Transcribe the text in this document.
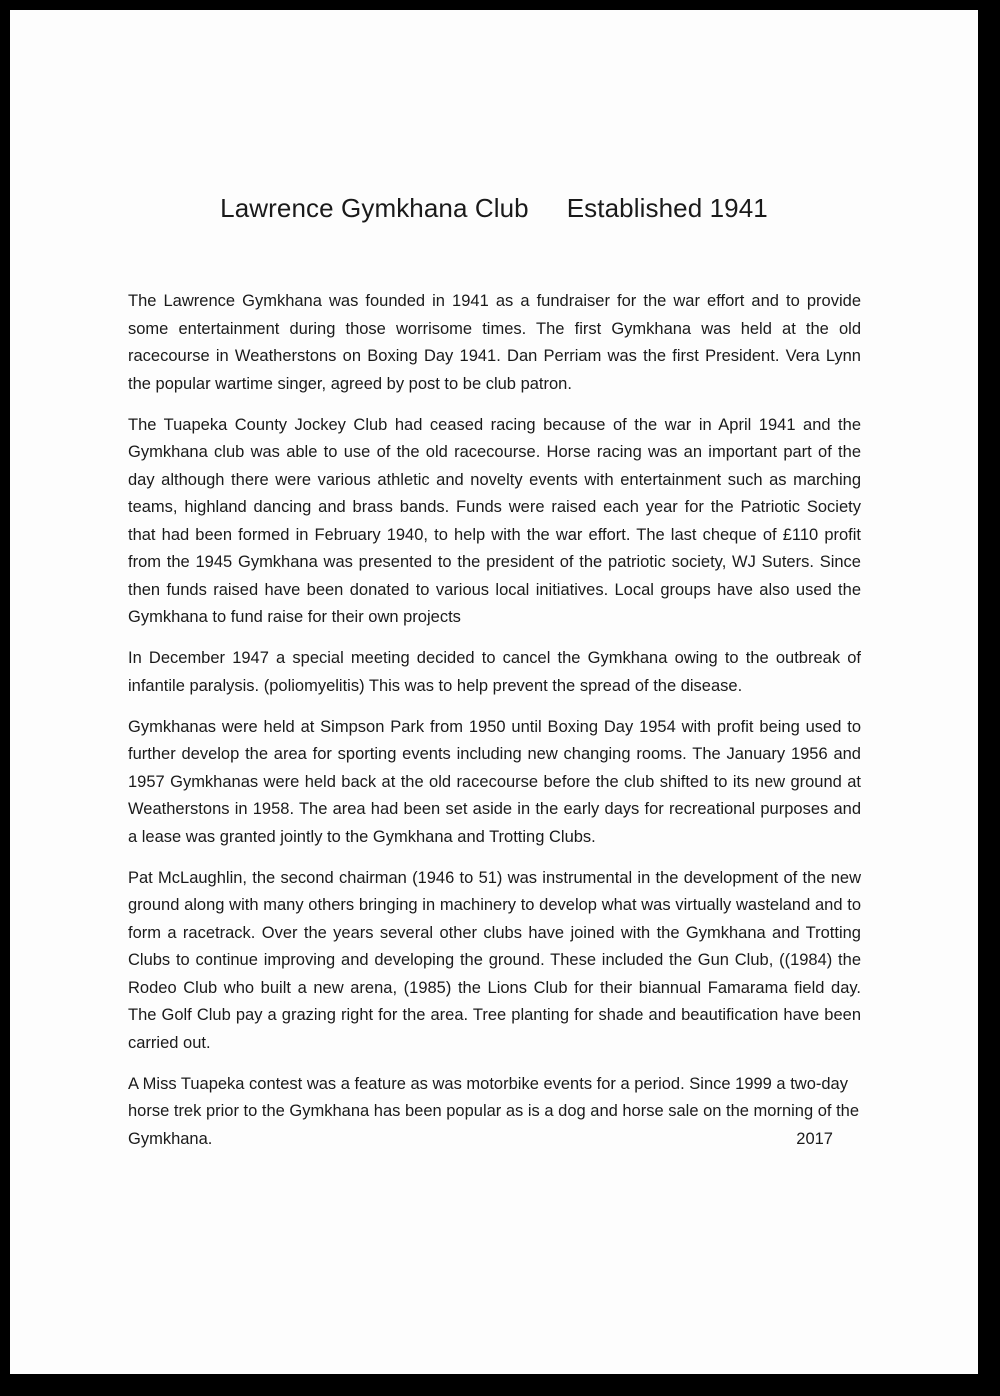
Lawrence Gymkhana Club Established 1941

The Lawrence Gymkhana was founded in 1941 as a fundraiser for the war effort and to provide some entertainment during those worrisome times. The first Gymkhana was held at the old racecourse in Weatherstons on Boxing Day 1941. Dan Perriam was the first President. Vera Lynn the popular wartime singer, agreed by post to be club patron.

The Tuapeka County Jockey Club had ceased racing because of the war in April 1941 and the Gymkhana club was able to use of the old racecourse. Horse racing was an important part of the day although there were various athletic and novelty events with entertainment such as marching teams, highland dancing and brass bands. Funds were raised each year for the Patriotic Society that had been formed in February 1940, to help with the war effort. The last cheque of £110 profit from the 1945 Gymkhana was presented to the president of the patriotic society, WJ Suters. Since then funds raised have been donated to various local initiatives. Local groups have also used the Gymkhana to fund raise for their own projects

In December 1947 a special meeting decided to cancel the Gymkhana owing to the outbreak of infantile paralysis. (poliomyelitis) This was to help prevent the spread of the disease.

Gymkhanas were held at Simpson Park from 1950 until Boxing Day 1954 with profit being used to further develop the area for sporting events including new changing rooms. The January 1956 and 1957 Gymkhanas were held back at the old racecourse before the club shifted to its new ground at Weatherstons in 1958. The area had been set aside in the early days for recreational purposes and a lease was granted jointly to the Gymkhana and Trotting Clubs.

Pat McLaughlin, the second chairman (1946 to 51) was instrumental in the development of the new ground along with many others bringing in machinery to develop what was virtually wasteland and to form a racetrack. Over the years several other clubs have joined with the Gymkhana and Trotting Clubs to continue improving and developing the ground. These included the Gun Club, ((1984) the Rodeo Club who built a new arena, (1985) the Lions Club for their biannual Famarama field day. The Golf Club pay a grazing right for the area. Tree planting for shade and beautification have been carried out.

A Miss Tuapeka contest was a feature as was motorbike events for a period. Since 1999 a two-day horse trek prior to the Gymkhana has been popular as is a dog and horse sale on the morning of the Gymkhana.	2017
